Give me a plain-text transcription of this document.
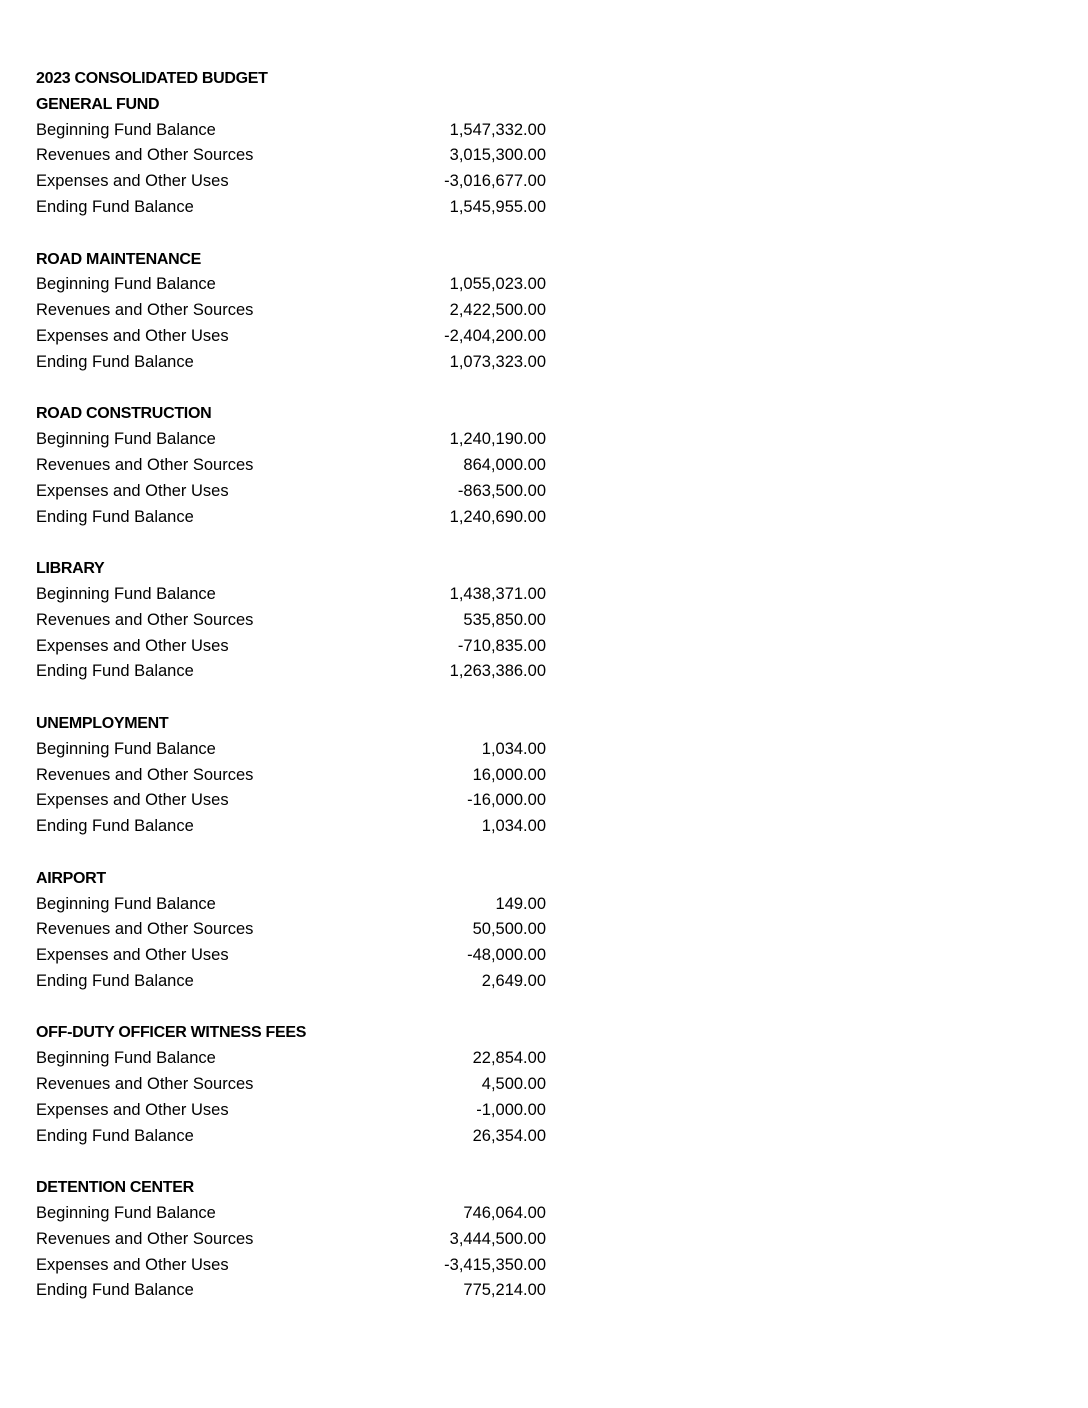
2023 CONSOLIDATED BUDGET
GENERAL FUND
Beginning Fund Balance	1,547,332.00
Revenues and Other Sources	3,015,300.00
Expenses and Other Uses	-3,016,677.00
Ending Fund Balance	1,545,955.00
ROAD MAINTENANCE
Beginning Fund Balance	1,055,023.00
Revenues and Other Sources	2,422,500.00
Expenses and Other Uses	-2,404,200.00
Ending Fund Balance	1,073,323.00
ROAD CONSTRUCTION
Beginning Fund Balance	1,240,190.00
Revenues and Other Sources	864,000.00
Expenses and Other Uses	-863,500.00
Ending Fund Balance	1,240,690.00
LIBRARY
Beginning Fund Balance	1,438,371.00
Revenues and Other Sources	535,850.00
Expenses and Other Uses	-710,835.00
Ending Fund Balance	1,263,386.00
UNEMPLOYMENT
Beginning Fund Balance	1,034.00
Revenues and Other Sources	16,000.00
Expenses and Other Uses	-16,000.00
Ending Fund Balance	1,034.00
AIRPORT
Beginning Fund Balance	149.00
Revenues and Other Sources	50,500.00
Expenses and Other Uses	-48,000.00
Ending Fund Balance	2,649.00
OFF-DUTY OFFICER WITNESS FEES
Beginning Fund Balance	22,854.00
Revenues and Other Sources	4,500.00
Expenses and Other Uses	-1,000.00
Ending Fund Balance	26,354.00
DETENTION CENTER
Beginning Fund Balance	746,064.00
Revenues and Other Sources	3,444,500.00
Expenses and Other Uses	-3,415,350.00
Ending Fund Balance	775,214.00
